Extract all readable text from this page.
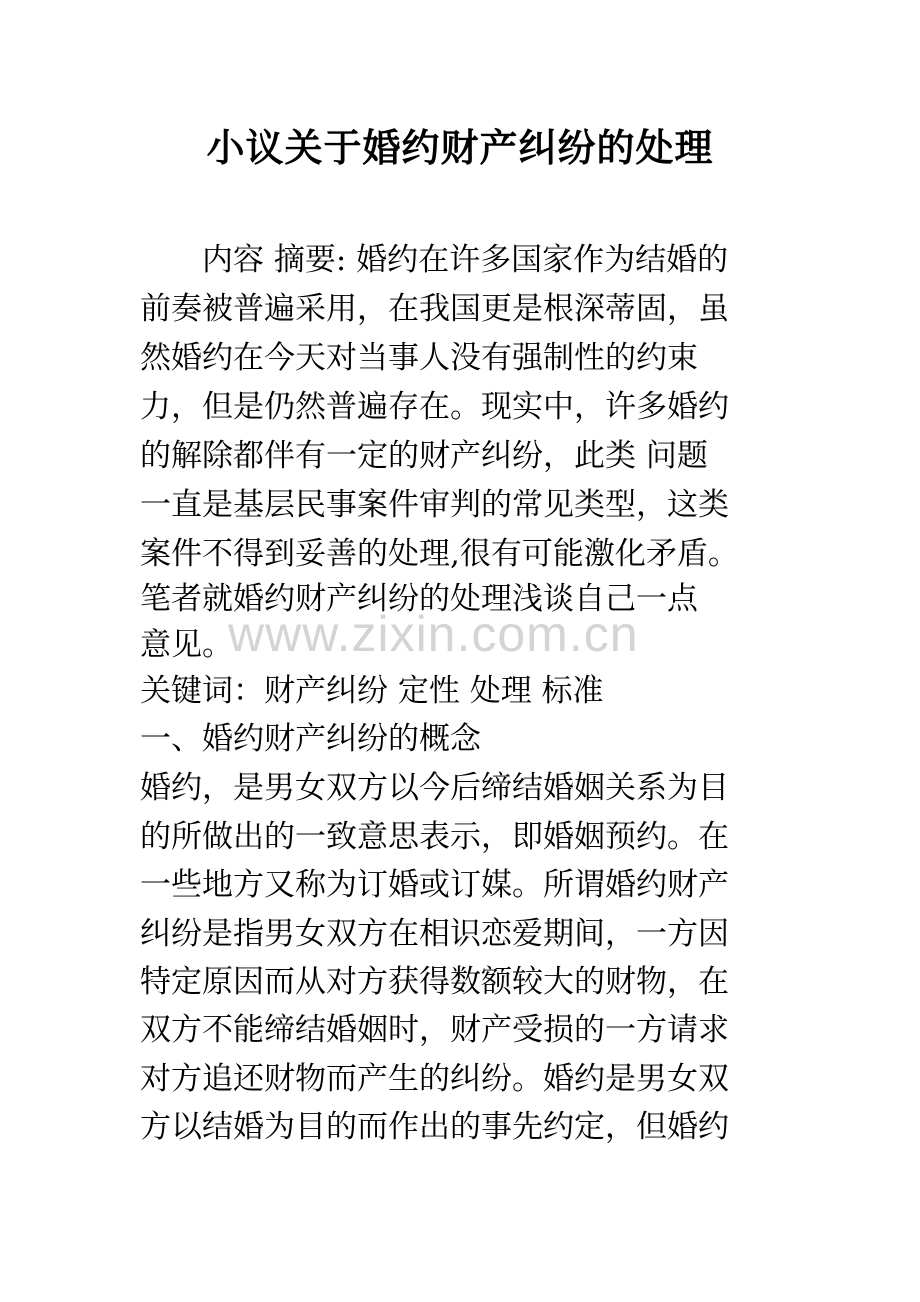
小议关于婚约财产纠纷的处理
　　内容 摘要: 婚约在许多国家作为结婚的
前奏被普遍采用，在我国更是根深蒂固，虽
然婚约在今天对当事人没有强制性的约束
力，但是仍然普遍存在。现实中，许多婚约
的解除都伴有一定的财产纠纷，此类 问题
一直是基层民事案件审判的常见类型，这类
案件不得到妥善的处理,很有可能激化矛盾。
笔者就婚约财产纠纷的处理浅谈自己一点
意见。
www.zixin.com.cn
关键词：财产纠纷 定性 处理 标准
一、婚约财产纠纷的概念
婚约，是男女双方以今后缔结婚姻关系为目
的所做出的一致意思表示，即婚姻预约。在
一些地方又称为订婚或订媒。所谓婚约财产
纠纷是指男女双方在相识恋爱期间，一方因
特定原因而从对方获得数额较大的财物，在
双方不能缔结婚姻时，财产受损的一方请求
对方追还财物而产生的纠纷。婚约是男女双
方以结婚为目的而作出的事先约定，但婚约
